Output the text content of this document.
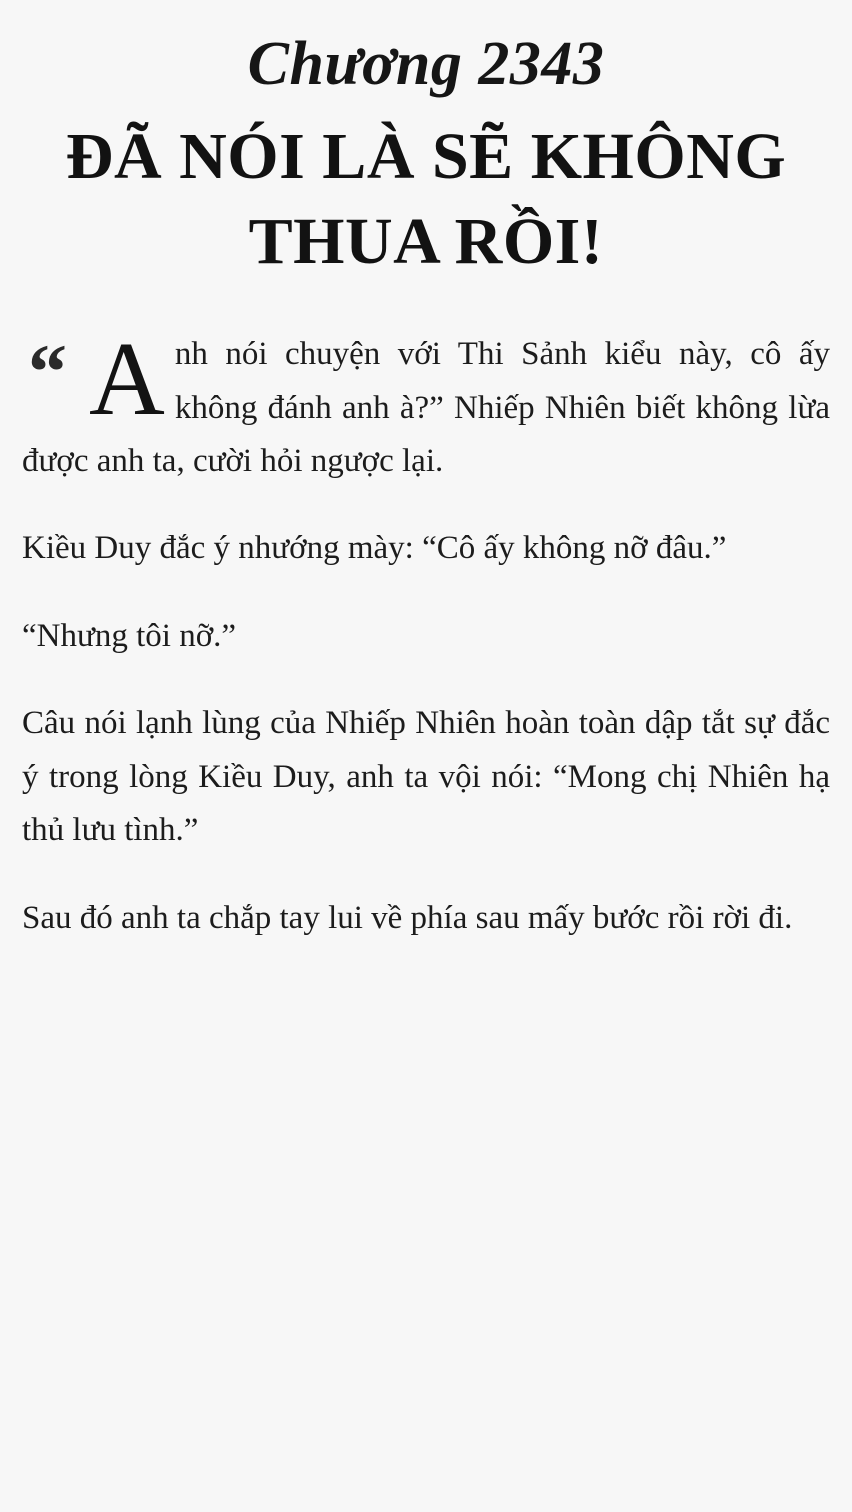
Chương 2343
ĐÃ NÓI LÀ SẼ KHÔNG THUA RỒI!
“ A nh nói chuyện với Thi Sảnh kiểu này, cô ấy không đánh anh à?” Nhiếp Nhiên biết không lừa được anh ta, cười hỏi ngược lại.

Kiều Duy đắc ý nhướng mày: “Cô ấy không nỡ đâu.”

“Nhưng tôi nỡ.”

Câu nói lạnh lùng của Nhiếp Nhiên hoàn toàn dập tắt sự đắc ý trong lòng Kiều Duy, anh ta vội nói: “Mong chị Nhiên hạ thủ lưu tình.”

Sau đó anh ta chắp tay lui về phía sau mấy bước rồi rời đi.
